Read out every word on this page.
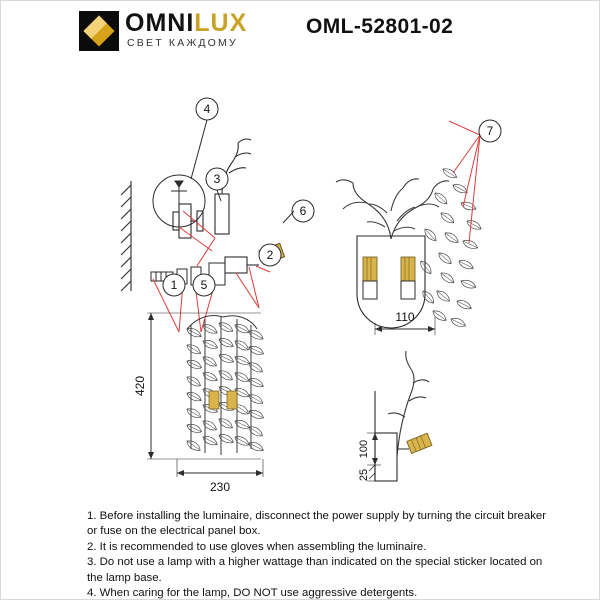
OMNILUX
СВЕТ КАЖДОМУ
OML-52801-02
4
3
6
2
1 5
7
420
230
110
100
25

1. Before installing the luminaire, disconnect the power supply by turning the circuit breaker or fuse on the electrical panel box.

2. It is recommended to use gloves when assembling the luminaire.

3. Do not use a lamp with a higher wattage than indicated on the special sticker located on the lamp base.

4. When caring for the lamp, DO NOT use aggressive detergents.
